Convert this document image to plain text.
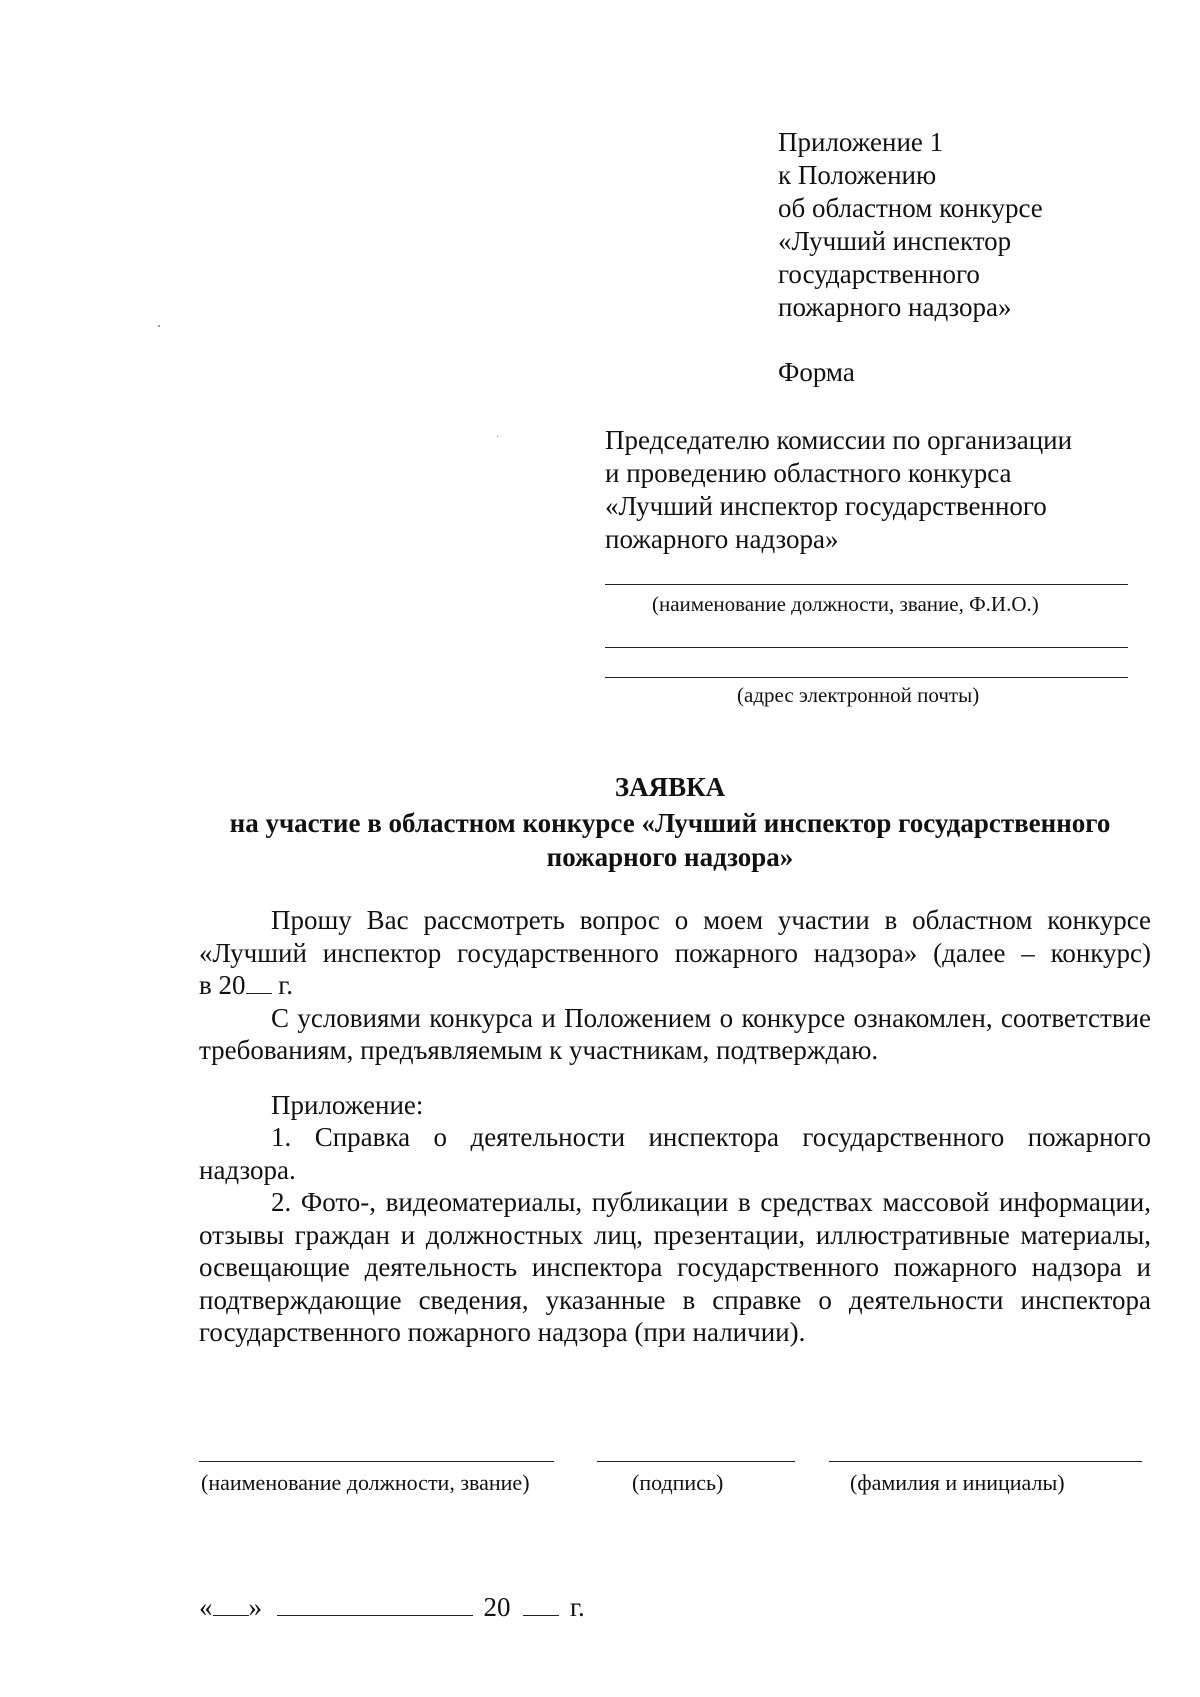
Приложение 1
к Положению
об областном конкурсе
«Лучший инспектор
государственного
пожарного надзора»
Форма
Председателю комиссии по организации
и проведению областного конкурса
«Лучший инспектор государственного
пожарного надзора»
(наименование должности, звание, Ф.И.О.)
(адрес электронной почты)
ЗАЯВКА
на участие в областном конкурсе «Лучший инспектор государственного
пожарного надзора»

Прошу Вас рассмотреть вопрос о моем участии в областном конкурсе

«Лучший инспектор государственного пожарного надзора» (далее – конкурс)

в 20 г.

С условиями конкурса и Положением о конкурсе ознакомлен, соответствие требованиям, предъявляемым к участникам, подтверждаю.

Приложение:

1. Справка о деятельности инспектора государственного пожарного надзора.

2. Фото-, видеоматериалы, публикации в средствах массовой информации, отзывы граждан и должностных лиц, презентации, иллюстративные материалы, освещающие деятельность инспектора государственного пожарного надзора и подтверждающие сведения, указанные в справке о деятельности инспектора государственного пожарного надзора (при наличии).

(наименование должности, звание)	(подпись)	(фамилия и инициалы)
« »	20 г.
